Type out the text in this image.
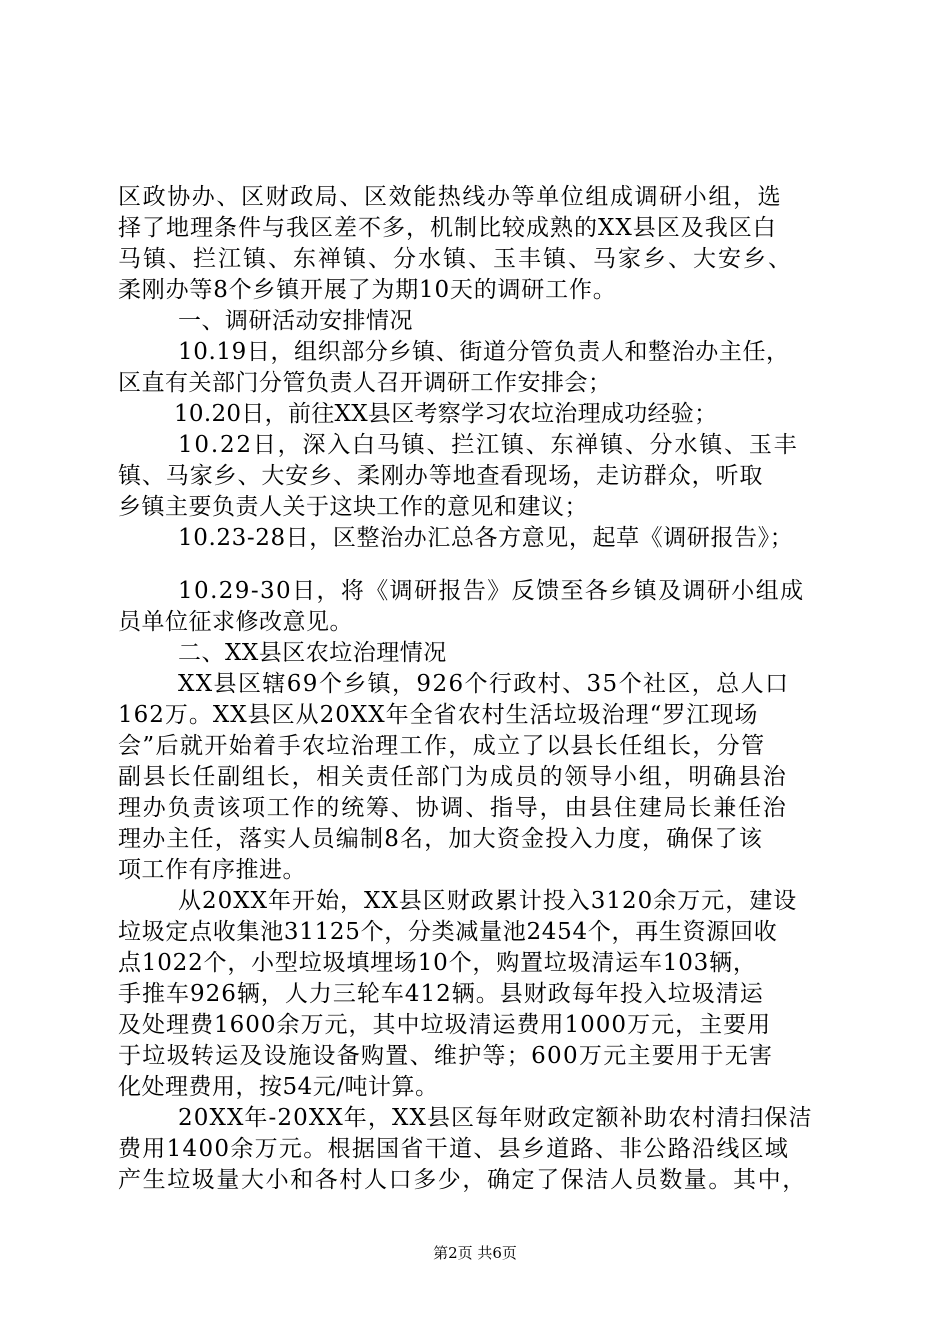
区政协办、区财政局、区效能热线办等单位组成调研小组，选
择了地理条件与我区差不多，机制比较成熟的XX县区及我区白
马镇、拦江镇、东禅镇、分水镇、玉丰镇、马家乡、大安乡、
柔刚办等8个乡镇开展了为期10天的调研工作。
一、调研活动安排情况
10.19日，组织部分乡镇、街道分管负责人和整治办主任，
区直有关部门分管负责人召开调研工作安排会；
10.20日，前往XX县区考察学习农垃治理成功经验；
10.22日，深入白马镇、拦江镇、东禅镇、分水镇、玉丰
镇、马家乡、大安乡、柔刚办等地查看现场，走访群众，听取
乡镇主要负责人关于这块工作的意见和建议；
10.23-28日，区整治办汇总各方意见，起草《调研报告》；
10.29-30日，将《调研报告》反馈至各乡镇及调研小组成
员单位征求修改意见。
二、XX县区农垃治理情况
XX县区辖69个乡镇，926个行政村、35个社区，总人口
162万。XX县区从20XX年全省农村生活垃圾治理“罗江现场
会”后就开始着手农垃治理工作，成立了以县长任组长，分管
副县长任副组长，相关责任部门为成员的领导小组，明确县治
理办负责该项工作的统筹、协调、指导，由县住建局长兼任治
理办主任，落实人员编制8名，加大资金投入力度，确保了该
项工作有序推进。
从20XX年开始，XX县区财政累计投入3120余万元，建设
垃圾定点收集池31125个，分类减量池2454个，再生资源回收
点1022个，小型垃圾填埋场10个，购置垃圾清运车103辆，
手推车926辆，人力三轮车412辆。县财政每年投入垃圾清运
及处理费1600余万元，其中垃圾清运费用1000万元，主要用
于垃圾转运及设施设备购置、维护等；600万元主要用于无害
化处理费用，按54元/吨计算。
20XX年-20XX年，XX县区每年财政定额补助农村清扫保洁
费用1400余万元。根据国省干道、县乡道路、非公路沿线区域
产生垃圾量大小和各村人口多少，确定了保洁人员数量。其中，
第2页 共6页
